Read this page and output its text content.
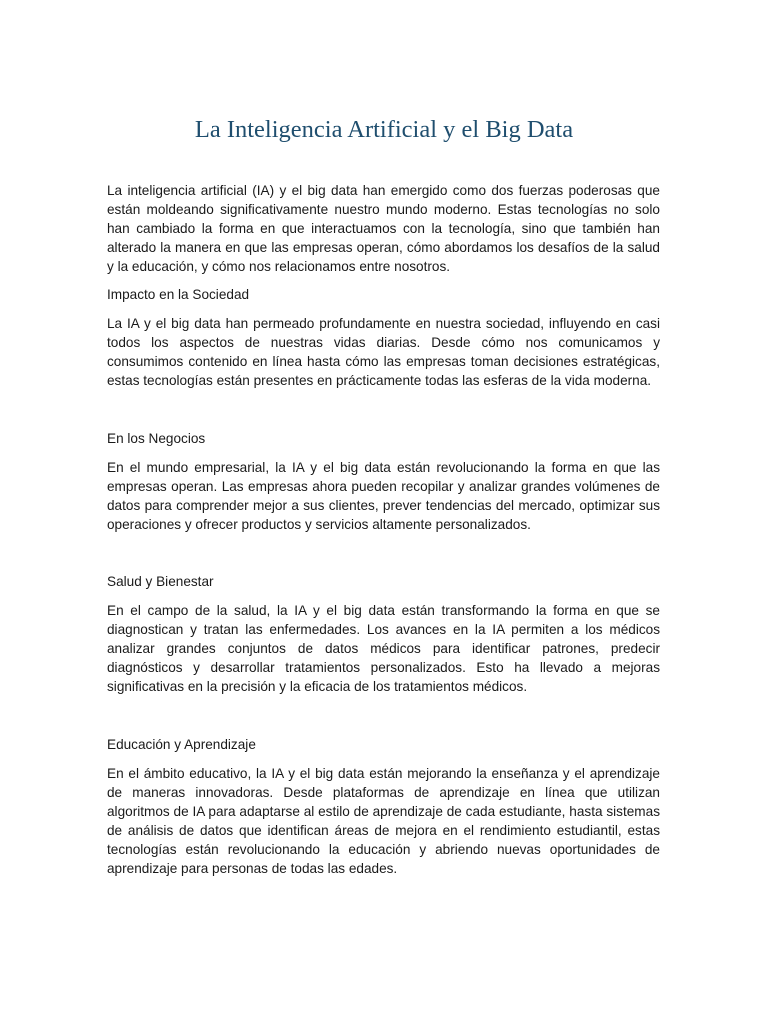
La Inteligencia Artificial y el Big Data

La inteligencia artificial (IA) y el big data han emergido como dos fuerzas poderosas que están moldeando significativamente nuestro mundo moderno. Estas tecnologías no solo han cambiado la forma en que interactuamos con la tecnología, sino que también han alterado la manera en que las empresas operan, cómo abordamos los desafíos de la salud y la educación, y cómo nos relacionamos entre nosotros.

Impacto en la Sociedad

La IA y el big data han permeado profundamente en nuestra sociedad, influyendo en casi todos los aspectos de nuestras vidas diarias. Desde cómo nos comunicamos y consumimos contenido en línea hasta cómo las empresas toman decisiones estratégicas, estas tecnologías están presentes en prácticamente todas las esferas de la vida moderna.

En los Negocios

En el mundo empresarial, la IA y el big data están revolucionando la forma en que las empresas operan. Las empresas ahora pueden recopilar y analizar grandes volúmenes de datos para comprender mejor a sus clientes, prever tendencias del mercado, optimizar sus operaciones y ofrecer productos y servicios altamente personalizados.

Salud y Bienestar

En el campo de la salud, la IA y el big data están transformando la forma en que se diagnostican y tratan las enfermedades. Los avances en la IA permiten a los médicos analizar grandes conjuntos de datos médicos para identificar patrones, predecir diagnósticos y desarrollar tratamientos personalizados. Esto ha llevado a mejoras significativas en la precisión y la eficacia de los tratamientos médicos.

Educación y Aprendizaje

En el ámbito educativo, la IA y el big data están mejorando la enseñanza y el aprendizaje de maneras innovadoras. Desde plataformas de aprendizaje en línea que utilizan algoritmos de IA para adaptarse al estilo de aprendizaje de cada estudiante, hasta sistemas de análisis de datos que identifican áreas de mejora en el rendimiento estudiantil, estas tecnologías están revolucionando la educación y abriendo nuevas oportunidades de aprendizaje para personas de todas las edades.
